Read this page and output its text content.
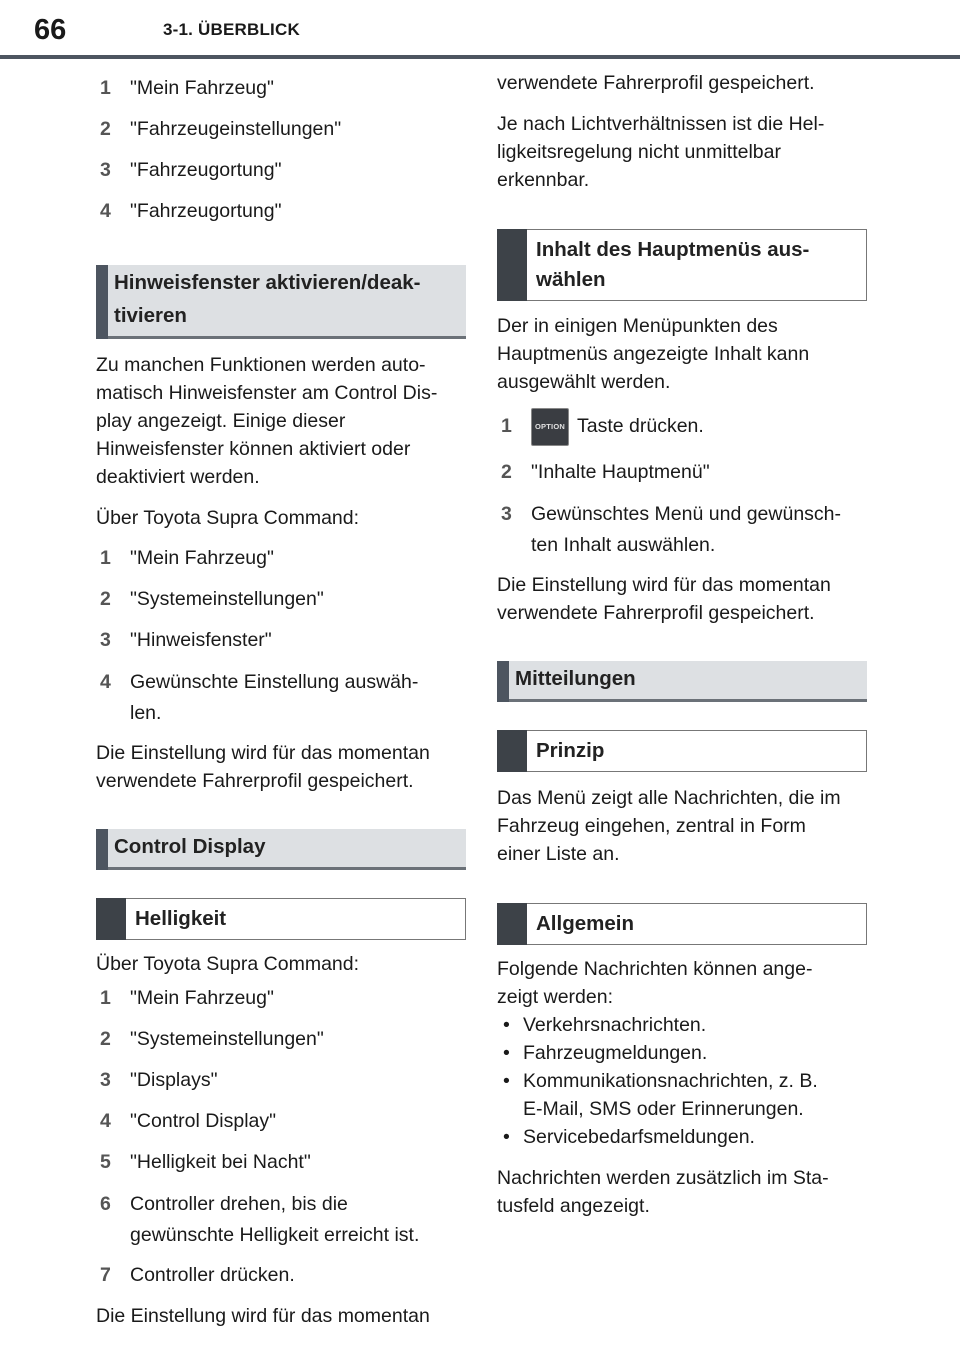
66	3-1. ÜBERBLICK

1 "Mein Fahrzeug"

2 "Fahrzeugeinstellungen"

3 "Fahrzeugortung"

4 "Fahrzeugortung"

Hinweisfenster aktivieren/deak-
tivieren

Zu manchen Funktionen werden auto-

matisch Hinweisfenster am Control Dis-

play angezeigt. Einige dieser

Hinweisfenster können aktiviert oder

deaktiviert werden.

Über Toyota Supra Command:

1 "Mein Fahrzeug"

2 "Systemeinstellungen"

3 "Hinweisfenster"

4 Gewünschte Einstellung auswäh-
len.

Die Einstellung wird für das momentan

verwendete Fahrerprofil gespeichert.

Control Display
Helligkeit

Über Toyota Supra Command:

1 "Mein Fahrzeug"

2 "Systemeinstellungen"

3 "Displays"

4 "Control Display"

5 "Helligkeit bei Nacht"

6 Controller drehen, bis die
gewünschte Helligkeit erreicht ist.

7 Controller drücken.

Die Einstellung wird für das momentan

verwendete Fahrerprofil gespeichert.

Je nach Lichtverhältnissen ist die Hel-

ligkeitsregelung nicht unmittelbar

erkennbar.

Inhalt des Hauptmenüs aus-
wählen

Der in einigen Menüpunkten des

Hauptmenüs angezeigte Inhalt kann

ausgewählt werden.

1	OPTION Taste drücken.

2 "Inhalte Hauptmenü"

3 Gewünschtes Menü und gewünsch-
ten Inhalt auswählen.

Die Einstellung wird für das momentan

verwendete Fahrerprofil gespeichert.

Mitteilungen
Prinzip

Das Menü zeigt alle Nachrichten, die im

Fahrzeug eingehen, zentral in Form

einer Liste an.

Allgemein

Folgende Nachrichten können ange-

zeigt werden:

• Verkehrsnachrichten.

• Fahrzeugmeldungen.

• Kommunikationsnachrichten, z. B.
E-Mail, SMS oder Erinnerungen.

• Servicebedarfsmeldungen.

Nachrichten werden zusätzlich im Sta-

tusfeld angezeigt.
